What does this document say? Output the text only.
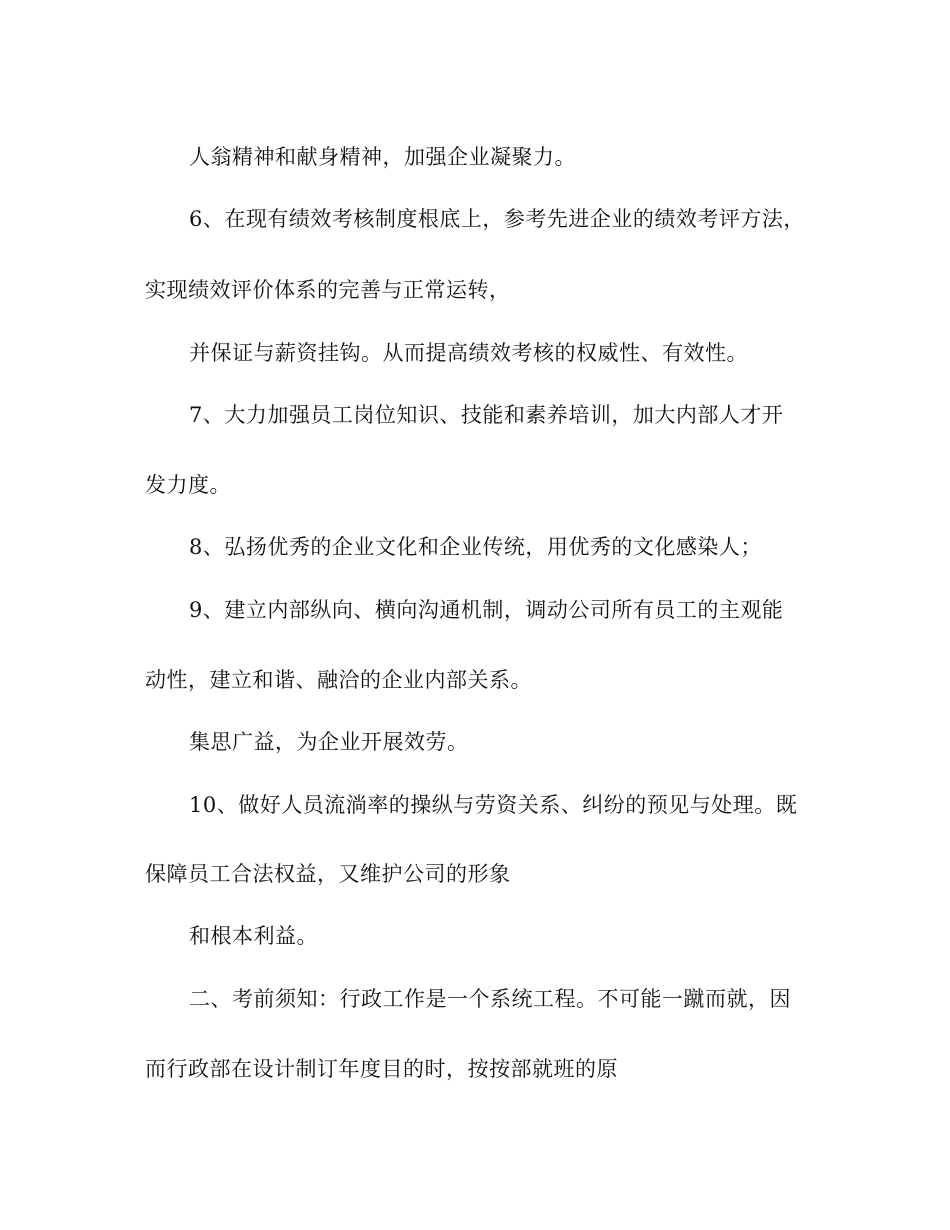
人翁精神和献身精神，加强企业凝聚力。
6、在现有绩效考核制度根底上，参考先进企业的绩效考评方法，
实现绩效评价体系的完善与正常运转，
并保证与薪资挂钩。从而提高绩效考核的权威性、有效性。
7、大力加强员工岗位知识、技能和素养培训，加大内部人才开
发力度。
8、弘扬优秀的企业文化和企业传统，用优秀的文化感染人；
9、建立内部纵向、横向沟通机制，调动公司所有员工的主观能
动性，建立和谐、融洽的企业内部关系。
集思广益，为企业开展效劳。
10、做好人员流淌率的操纵与劳资关系、纠纷的预见与处理。既
保障员工合法权益，又维护公司的形象
和根本利益。
二、考前须知：行政工作是一个系统工程。不可能一蹴而就，因
而行政部在设计制订年度目的时，按按部就班的原
